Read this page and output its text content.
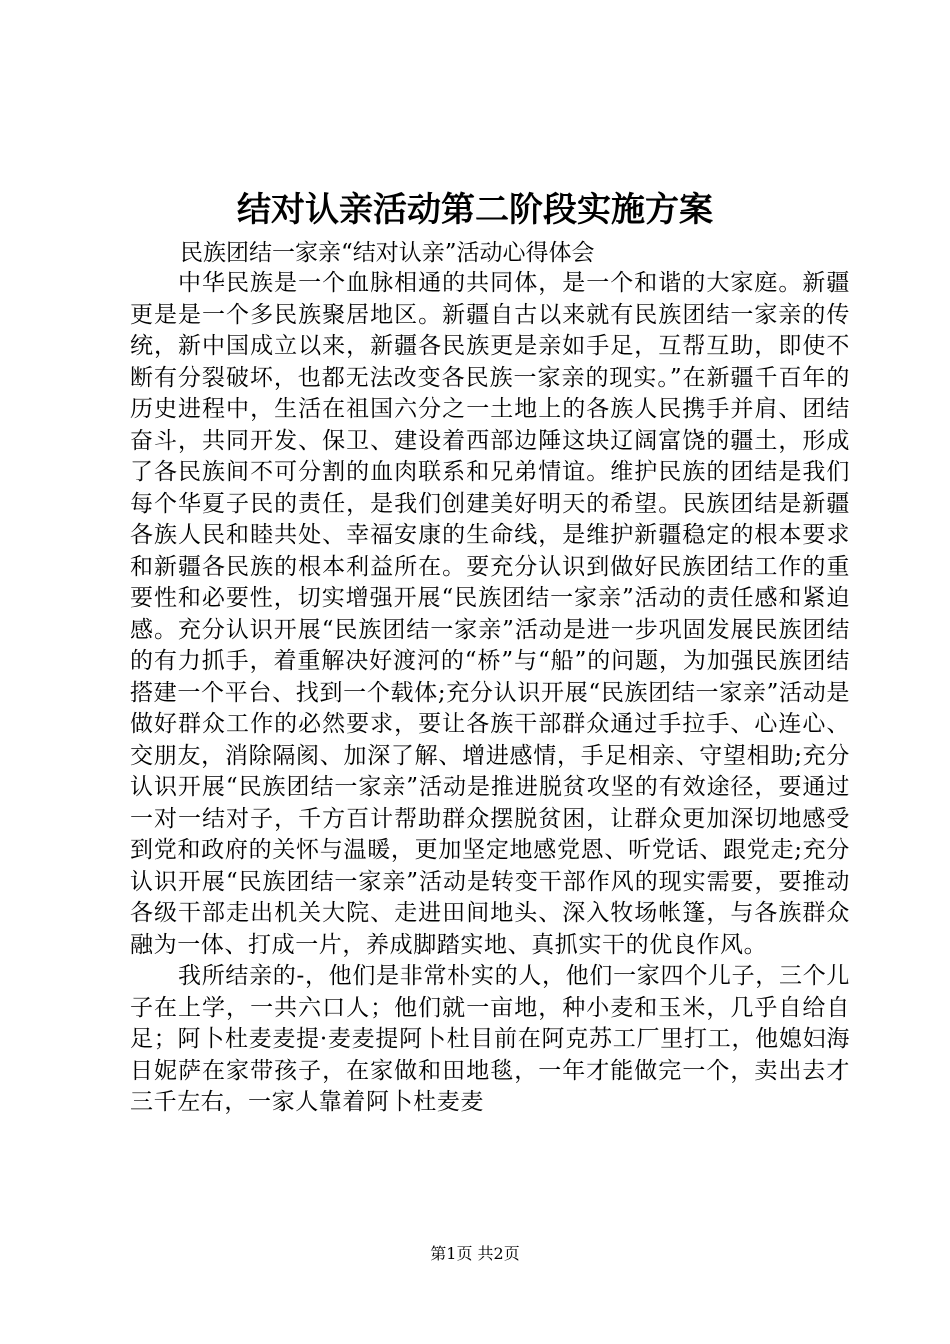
结对认亲活动第二阶段实施方案

民族团结一家亲“结对认亲”活动心得体会

中华民族是一个血脉相通的共同体，是一个和谐的大家庭。新疆更是是一个多民族聚居地区。新疆自古以来就有民族团结一家亲的传统，新中国成立以来，新疆各民族更是亲如手足，互帮互助，即使不断有分裂破坏，也都无法改变各民族一家亲的现实。”在新疆千百年的历史进程中，生活在祖国六分之一土地上的各族人民携手并肩、团结奋斗，共同开发、保卫、建设着西部边陲这块辽阔富饶的疆土，形成了各民族间不可分割的血肉联系和兄弟情谊。维护民族的团结是我们每个华夏子民的责任，是我们创建美好明天的希望。民族团结是新疆各族人民和睦共处、幸福安康的生命线，是维护新疆稳定的根本要求和新疆各民族的根本利益所在。要充分认识到做好民族团结工作的重要性和必要性，切实增强开展“民族团结一家亲”活动的责任感和紧迫感。充分认识开展“民族团结一家亲”活动是进一步巩固发展民族团结的有力抓手，着重解决好渡河的“桥”与“船”的问题，为加强民族团结搭建一个平台、找到一个载体;充分认识开展“民族团结一家亲”活动是做好群众工作的必然要求，要让各族干部群众通过手拉手、心连心、交朋友，消除隔阂、加深了解、增进感情，手足相亲、守望相助;充分认识开展“民族团结一家亲”活动是推进脱贫攻坚的有效途径，要通过一对一结对子，千方百计帮助群众摆脱贫困，让群众更加深切地感受到党和政府的关怀与温暖，更加坚定地感党恩、听党话、跟党走;充分认识开展“民族团结一家亲”活动是转变干部作风的现实需要，要推动各级干部走出机关大院、走进田间地头、深入牧场帐篷，与各族群众融为一体、打成一片，养成脚踏实地、真抓实干的优良作风。

我所结亲的-，他们是非常朴实的人，他们一家四个儿子，三个儿子在上学，一共六口人；他们就一亩地，种小麦和玉米，几乎自给自足；阿卜杜麦麦提·麦麦提阿卜杜目前在阿克苏工厂里打工，他媳妇海日妮萨在家带孩子，在家做和田地毯，一年才能做完一个，卖出去才三千左右，一家人靠着阿卜杜麦麦

第1页 共2页
